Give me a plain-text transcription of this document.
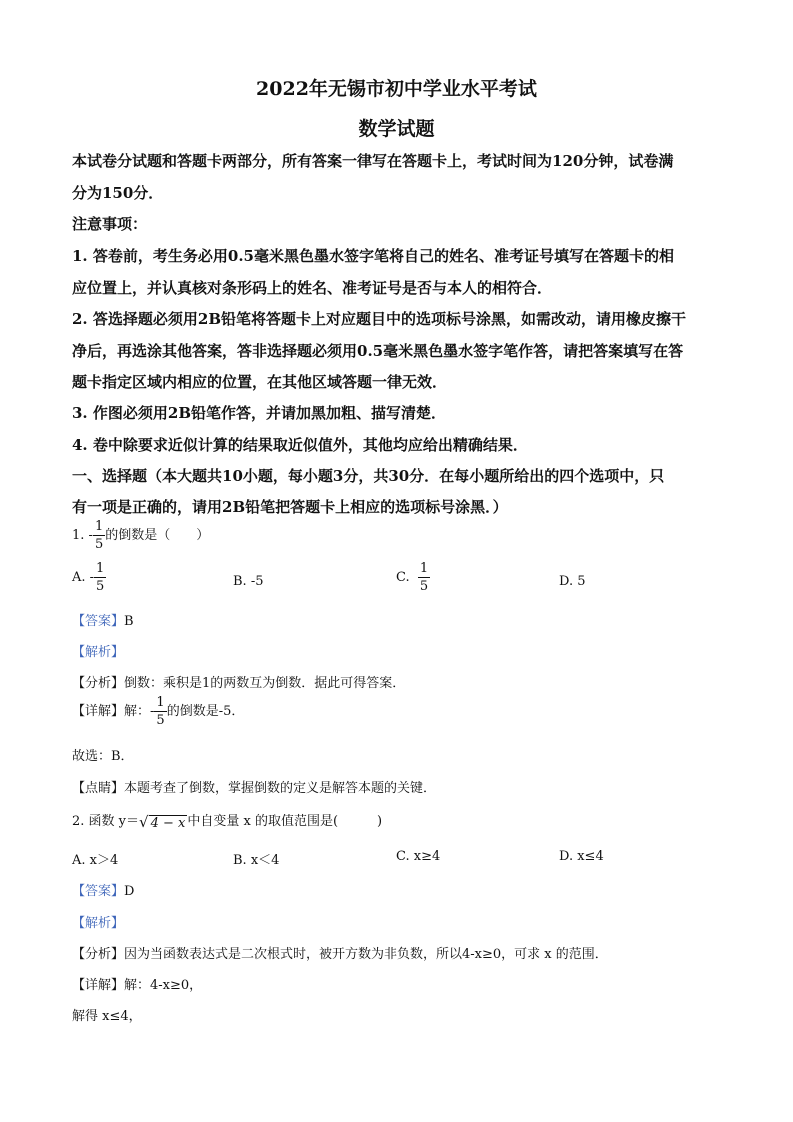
2022年无锡市初中学业水平考试
数学试题
本试卷分试题和答题卡两部分，所有答案一律写在答题卡上，考试时间为120分钟，试卷满
分为150分．
注意事项：
1. 答卷前，考生务必用0.5毫米黑色墨水签字笔将自己的姓名、准考证号填写在答题卡的相
应位置上，并认真核对条形码上的姓名、准考证号是否与本人的相符合．
2. 答选择题必须用2B铅笔将答题卡上对应题目中的选项标号涂黑，如需改动，请用橡皮擦干
净后，再选涂其他答案，答非选择题必须用0.5毫米黑色墨水签字笔作答，请把答案填写在答
题卡指定区域内相应的位置，在其他区域答题一律无效．
3. 作图必须用2B铅笔作答，并请加黑加粗、描写清楚．
4. 卷中除要求近似计算的结果取近似值外，其他均应给出精确结果．
一、选择题（本大题共10小题，每小题3分，共30分．在每小题所给出的四个选项中，只
有一项是正确的，请用2B铅笔把答题卡上相应的选项标号涂黑．）
1. - $\frac{1}{5}$ 的倒数是（　　）
A. - $\frac{1}{5}$	B. -5	C. $\frac{1}{5}$	D. 5
【答案】B
【解析】
【分析】倒数：乘积是1的两数互为倒数．据此可得答案．
【详解】解：- $\frac{1}{5}$ 的倒数是-5．
故选：B．
【点睛】本题考查了倒数，掌握倒数的定义是解答本题的关键．
2. 函数 y＝√ 4 − x 中自变量 x 的取值范围是(　　　)
A. x＞4	B. x＜4	C. x≥4	D. x≤4
【答案】D
【解析】
【分析】因为当函数表达式是二次根式时，被开方数为非负数，所以4-x≥0，可求 x 的范围．
【详解】解：4-x≥0，
解得 x≤4，
